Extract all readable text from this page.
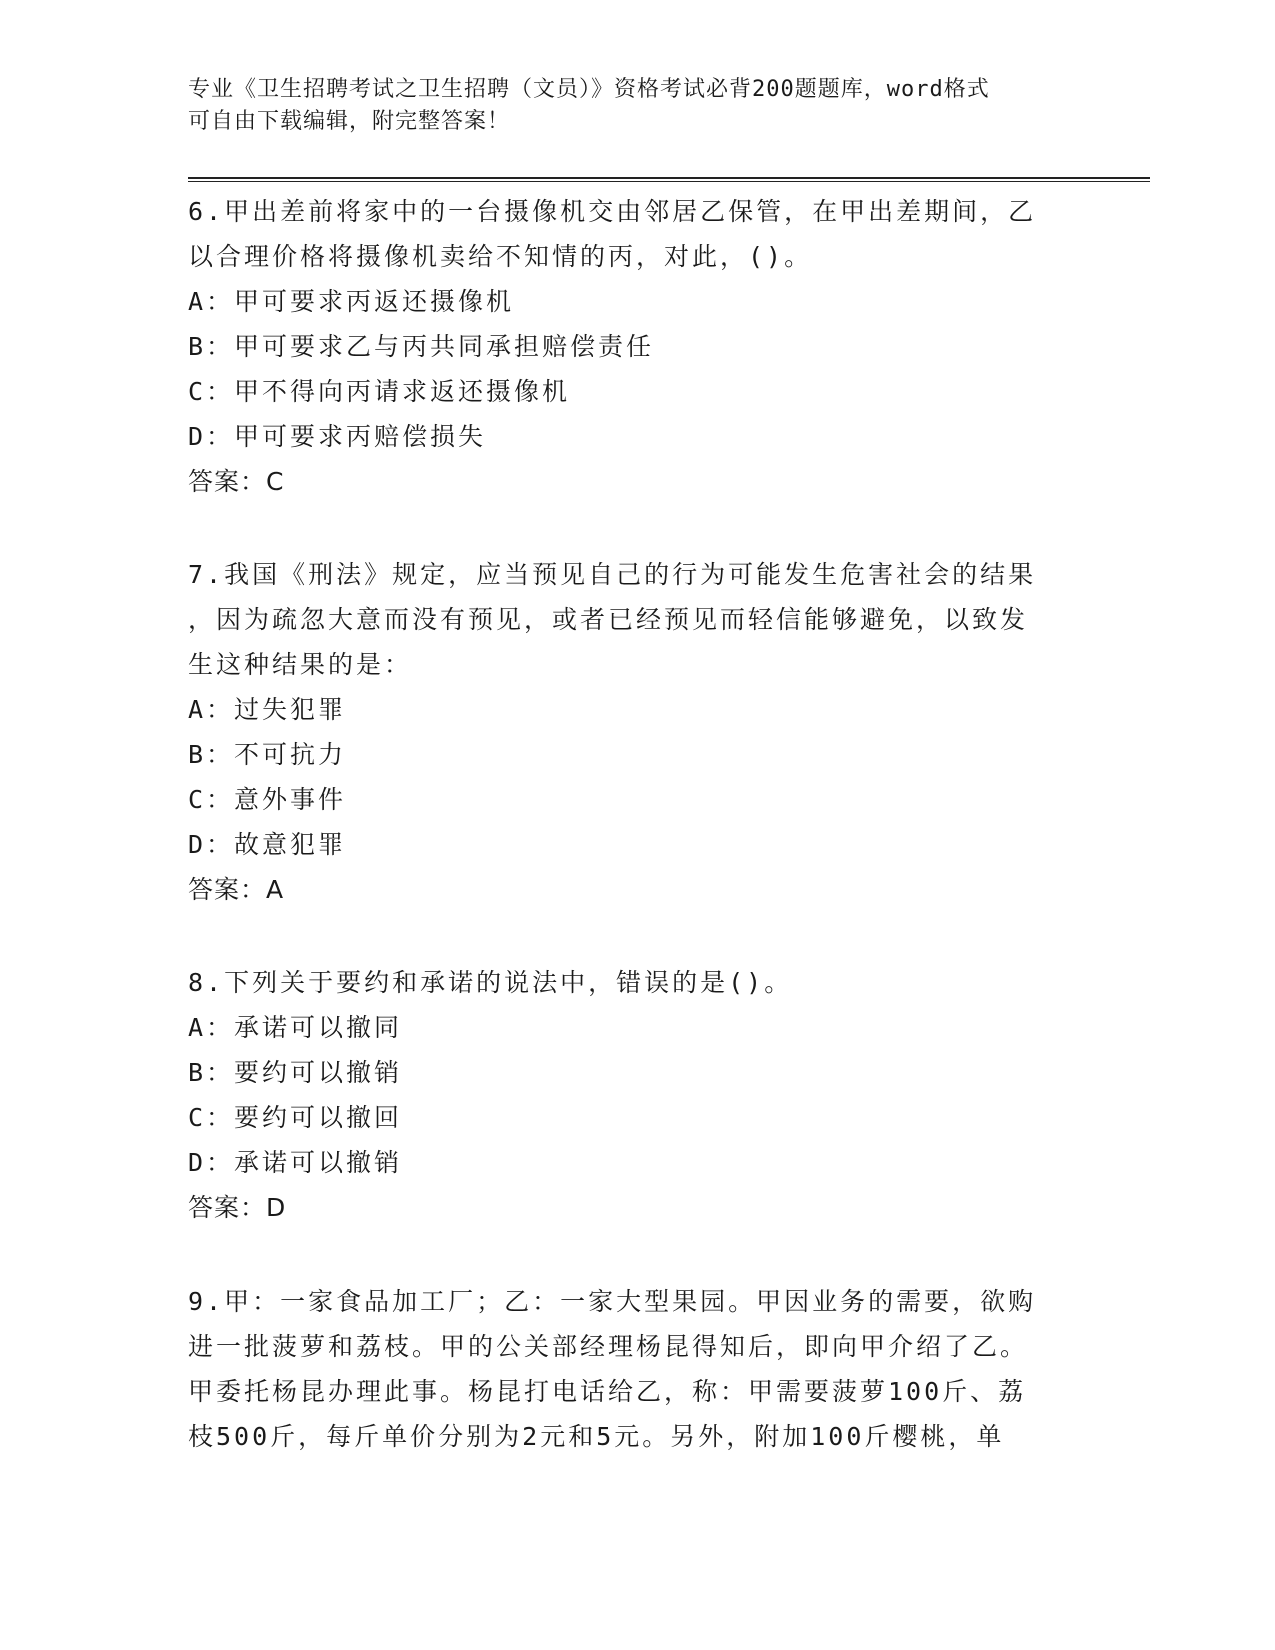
专业《卫生招聘考试之卫生招聘（文员）》资格考试必背200题题库，word格式
可自由下载编辑，附完整答案！
6.甲出差前将家中的一台摄像机交由邻居乙保管，在甲出差期间，乙
以合理价格将摄像机卖给不知情的丙，对此，()。
A：甲可要求丙返还摄像机
B：甲可要求乙与丙共同承担赔偿责任
C：甲不得向丙请求返还摄像机
D：甲可要求丙赔偿损失
答案：C
7.我国《刑法》规定，应当预见自己的行为可能发生危害社会的结果
，因为疏忽大意而没有预见，或者已经预见而轻信能够避免，以致发
生这种结果的是：
A：过失犯罪
B：不可抗力
C：意外事件
D：故意犯罪
答案：A
8.下列关于要约和承诺的说法中，错误的是()。
A：承诺可以撤同
B：要约可以撤销
C：要约可以撤回
D：承诺可以撤销
答案：D
9.甲：一家食品加工厂；乙：一家大型果园。甲因业务的需要，欲购
进一批菠萝和荔枝。甲的公关部经理杨昆得知后，即向甲介绍了乙。
甲委托杨昆办理此事。杨昆打电话给乙，称：甲需要菠萝100斤、荔
枝500斤，每斤单价分别为2元和5元。另外，附加100斤樱桃，单
